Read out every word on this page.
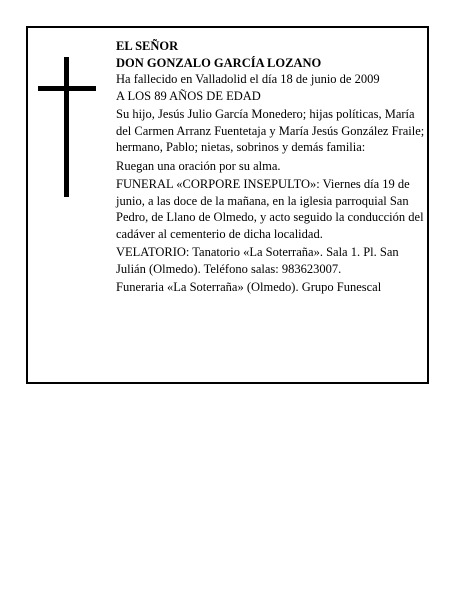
EL SEÑOR

DON GONZALO GARCÍA LOZANO

Ha fallecido en Valladolid el día 18 de junio de 2009

A LOS 89 AÑOS DE EDAD

Su hijo, Jesús Julio García Monedero; hijas políticas, María del Carmen Arranz Fuentetaja y María Jesús González Fraile; hermano, Pablo; nietas, sobrinos y demás familia:

Ruegan una oración por su alma.

FUNERAL «CORPORE INSEPULTO»: Viernes día 19 de junio, a las doce de la mañana, en la iglesia parroquial San Pedro, de Llano de Olmedo, y acto seguido la conducción del cadáver al cementerio de dicha localidad.

VELATORIO: Tanatorio «La Soterraña». Sala 1. Pl. San Julián (Olmedo). Teléfono salas: 983623007.

Funeraria «La Soterraña» (Olmedo). Grupo Funescal
